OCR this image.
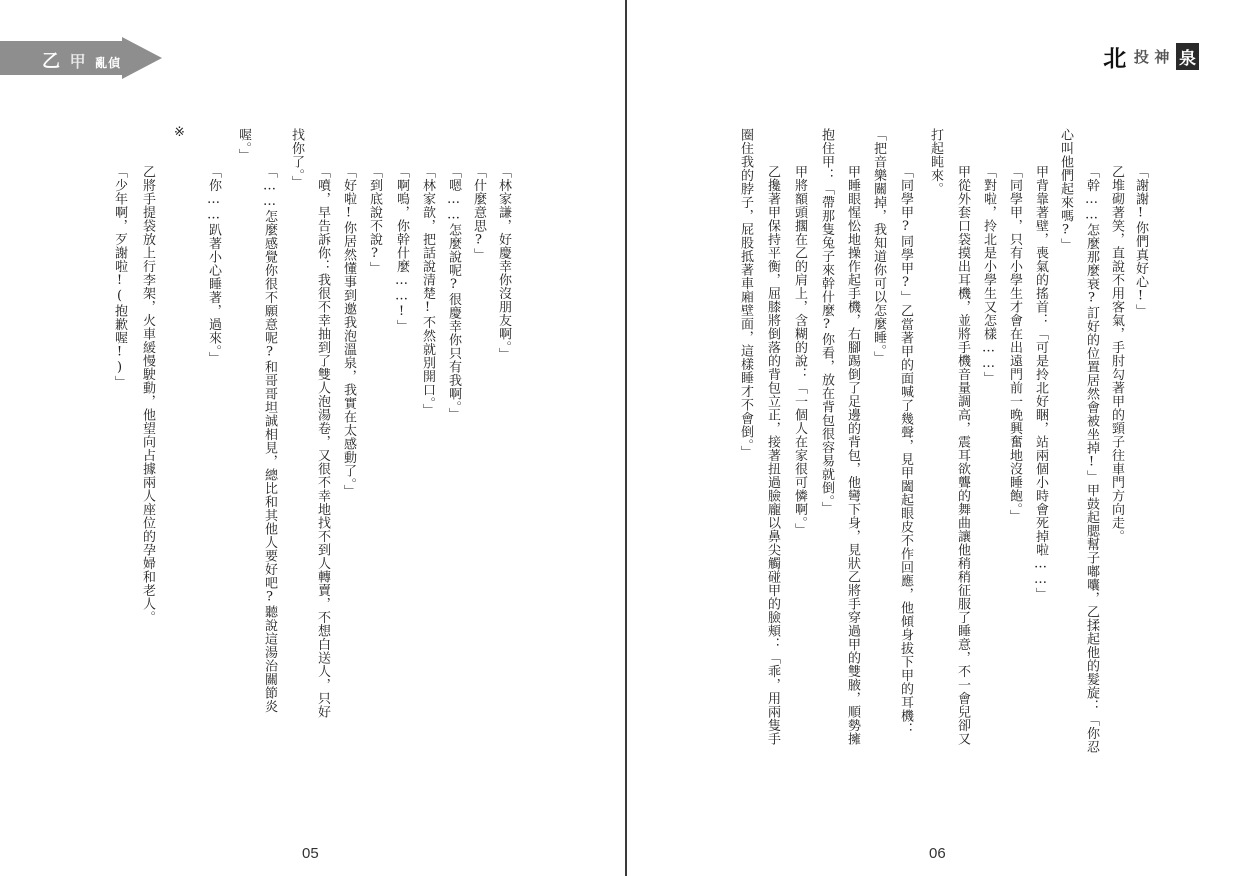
乙 甲 亂偵
「林家謙，好慶幸你沒朋友啊。」
「什麼意思?」
「嗯……怎麼說呢?很慶幸你只有我啊。」
「林家歆，把話說清楚!不然就別開口。」
「啊嗚，你幹什麼……!」
「到底說不說?」
「好啦!你居然懂事到邀我泡溫泉，我實在太感動了。」
「噴，早告訴你：我很不幸抽到了雙人泡湯卷，又很不幸地找不到人轉賣，不想白送人，只好
找你了。」
「……怎麼感覺你很不願意呢?和哥哥坦誠相見，總比和其他人要好吧?聽說這湯治關節炎
喔。」
「你……趴著小心睡著，過來。」
※
乙將手提袋放上行李架，火車緩慢駛動，他望向占據兩人座位的孕婦和老人。
「少年啊，歹謝啦!(抱歉喔!)」
05
北 投 神 泉
「謝謝!你們真好心!」
乙堆砌著笑，直說不用客氣，手肘勾著甲的頸子往車門方向走。
「幹……怎麼那麼衰?訂好的位置居然會被坐掉!」甲鼓起腮幫子嘟囔，乙揉起他的髮旋：「你忍
心叫他們起來嗎?」
甲背靠著壁，喪氣的搖首：「可是拎北好睏，站兩個小時會死掉啦……」
「同學甲，只有小學生才會在出遠門前一晚興奮地沒睡飽。」
「對啦，拎北是小學生又怎樣……」
甲從外套口袋摸出耳機，並將手機音量調高，震耳欲聾的舞曲讓他稍稍征服了睡意，不一會兒卻又
打起盹來。
「同學甲?同學甲?」乙當著甲的面喊了幾聲，見甲闔起眼皮不作回應，他傾身拔下甲的耳機：
「把音樂關掉，我知道你可以怎麼睡。」
甲睡眼惺忪地操作起手機，右腳踢倒了足邊的背包，他彎下身，見狀乙將手穿過甲的雙腋，順勢擁
抱住甲：「帶那隻兔子來幹什麼?你看，放在背包很容易就倒。」
甲將額頭擱在乙的肩上，含糊的說：「一個人在家很可憐啊。」
乙攙著甲保持平衡，屈膝將倒落的背包立正，接著扭過臉龐以鼻尖觸碰甲的臉頰：「乖，用兩隻手
圈住我的脖子，屁股抵著車廂壁面，這樣睡才不會倒。」
06
